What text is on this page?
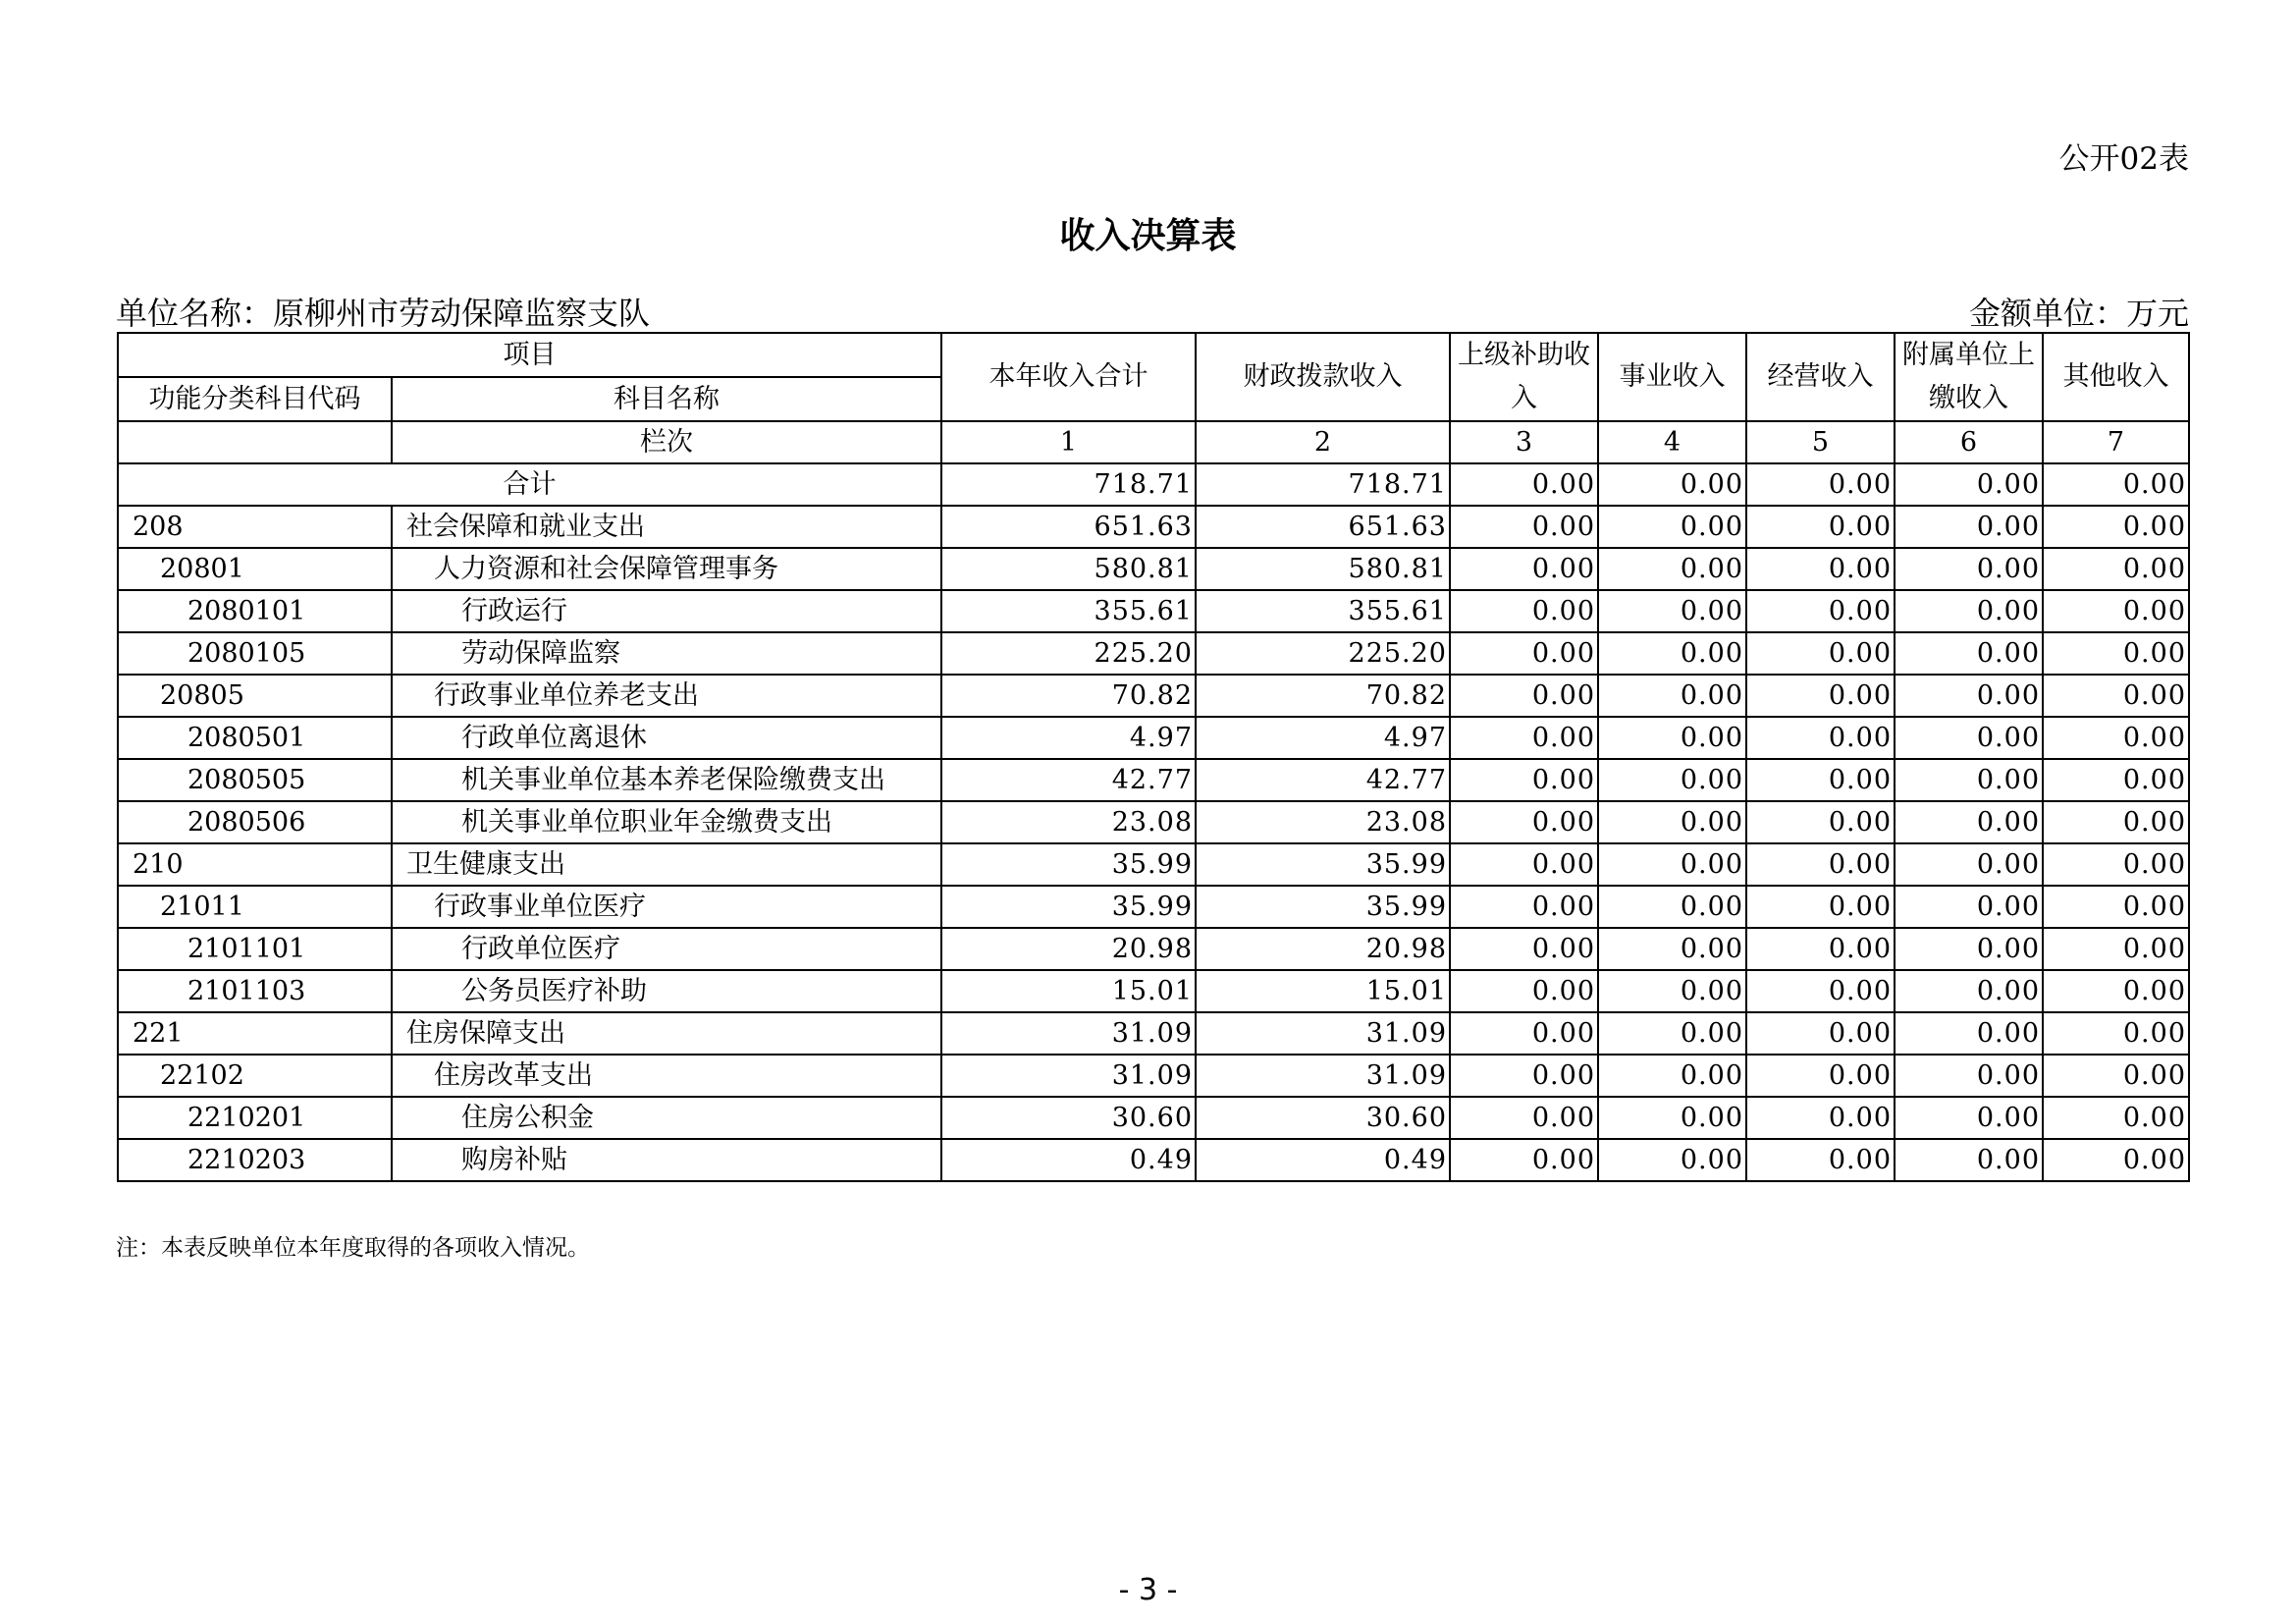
公开02表
收入决算表
单位名称：原柳州市劳动保障监察支队	金额单位：万元
项目		本年收入合计	财政拨款收入	上级补助收入	事业收入	经营收入	附属单位上缴收入	其他收入
功能分类科目代码	科目名称							
	栏次	1	2	3	4	5	6	7
合计		718.71	718.71	0.00	0.00	0.00	0.00	0.00
208	社会保障和就业支出	651.63	651.63	0.00	0.00	0.00	0.00	0.00
20801	人力资源和社会保障管理事务	580.81	580.81	0.00	0.00	0.00	0.00	0.00
2080101	行政运行	355.61	355.61	0.00	0.00	0.00	0.00	0.00
2080105	劳动保障监察	225.20	225.20	0.00	0.00	0.00	0.00	0.00
20805	行政事业单位养老支出	70.82	70.82	0.00	0.00	0.00	0.00	0.00
2080501	行政单位离退休	4.97	4.97	0.00	0.00	0.00	0.00	0.00
2080505	机关事业单位基本养老保险缴费支出	42.77	42.77	0.00	0.00	0.00	0.00	0.00
2080506	机关事业单位职业年金缴费支出	23.08	23.08	0.00	0.00	0.00	0.00	0.00
210	卫生健康支出	35.99	35.99	0.00	0.00	0.00	0.00	0.00
21011	行政事业单位医疗	35.99	35.99	0.00	0.00	0.00	0.00	0.00
2101101	行政单位医疗	20.98	20.98	0.00	0.00	0.00	0.00	0.00
2101103	公务员医疗补助	15.01	15.01	0.00	0.00	0.00	0.00	0.00
221	住房保障支出	31.09	31.09	0.00	0.00	0.00	0.00	0.00
22102	住房改革支出	31.09	31.09	0.00	0.00	0.00	0.00	0.00
2210201	住房公积金	30.60	30.60	0.00	0.00	0.00	0.00	0.00
2210203	购房补贴	0.49	0.49	0.00	0.00	0.00	0.00	0.00
注：本表反映单位本年度取得的各项收入情况。
- 3 -
